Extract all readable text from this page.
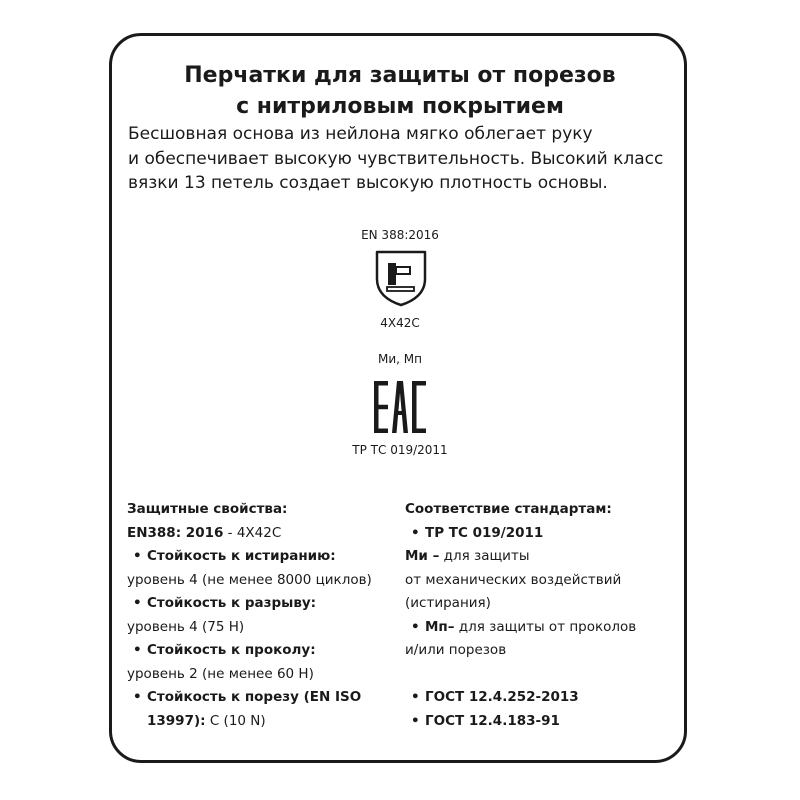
Перчатки для защиты от порезов
с нитриловым покрытием

Бесшовная основа из нейлона мягко облегает руку
и обеспечивает высокую чувствительность. Высокий класс
вязки 13 петель создает высокую плотность основы.

EN 388:2016
4X42C
Ми, Мп
ТР ТС 019/2011
Защитные свойства:
EN388: 2016 - 4X42C
• Стойкость к истиранию:
уровень 4 (не менее 8000 циклов)
• Стойкость к разрыву:
уровень 4 (75 Н)
• Стойкость к проколу:
уровень 2 (не менее 60 Н)
• Стойкость к порезу (EN ISO
13997): С (10 N)
Соответствие стандартам:
• ТР ТС 019/2011
Ми – для защиты
от механических воздействий
(истирания)
• Мп– для защиты от проколов
и/или порезов
• ГОСТ 12.4.252-2013
• ГОСТ 12.4.183-91
